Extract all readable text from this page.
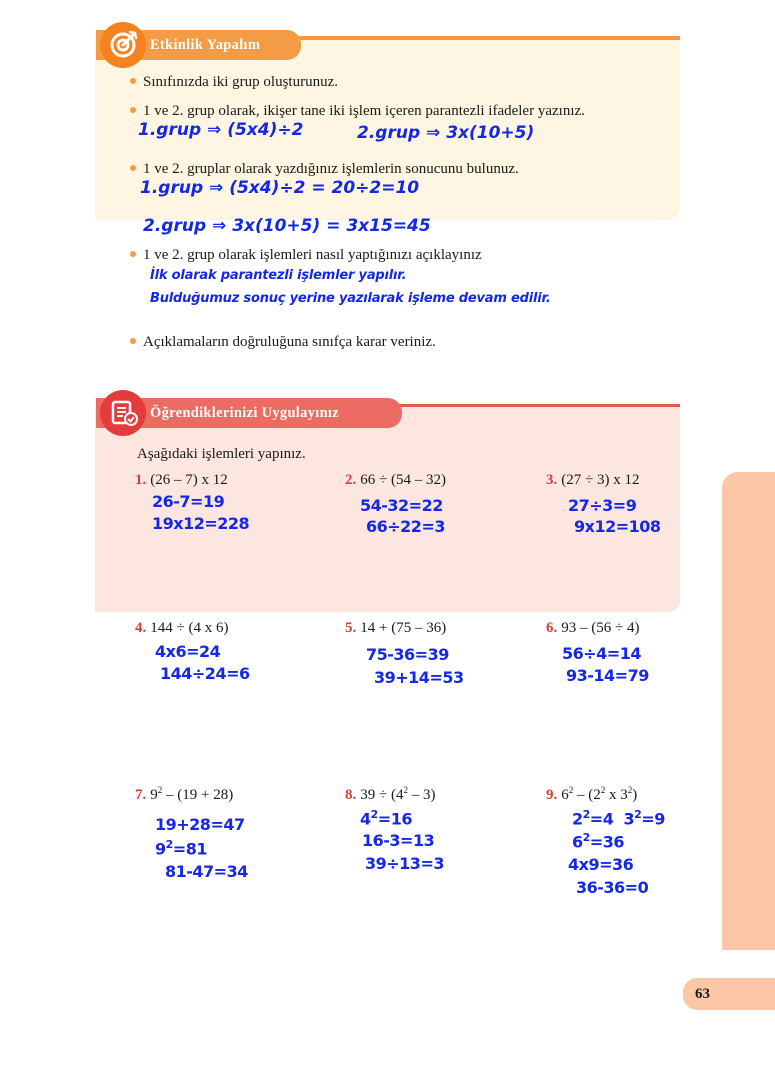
Etkinlik Yapalım
Sınıfınızda iki grup oluşturunuz.
1 ve 2. grup olarak, ikişer tane iki işlem içeren parantezli ifadeler yazınız.
1.grup ⇒ (5x4)÷2	2.grup ⇒ 3x(10+5)
1 ve 2. gruplar olarak yazdığınız işlemlerin sonucunu bulunuz.
1.grup ⇒ (5x4)÷2 = 20÷2=10
2.grup ⇒ 3x(10+5) = 3x15=45
1 ve 2. grup olarak işlemleri nasıl yaptığınızı açıklayınız
İlk olarak parantezli işlemler yapılır.
Bulduğumuz sonuç yerine yazılarak işleme devam edilir.
Açıklamaların doğruluğuna sınıfça karar veriniz.
Öğrendiklerinizi Uygulayınız
Aşağıdaki işlemleri yapınız.
1. (26 – 7) x 12
26-7=19
19x12=228
2. 66 ÷ (54 – 32)
54-32=22
66÷22=3
3. (27 ÷ 3) x 12
27÷3=9
9x12=108
4. 144 ÷ (4 x 6)
4x6=24
144÷24=6
5. 14 + (75 – 36)
75-36=39
39+14=53
6. 93 – (56 ÷ 4)
56÷4=14
93-14=79
7. $9^2 - (19 + 28)$
19+28=47
$9^2=81$
81-47=34
8. $39 \div (4^2 - 3)$
$4^2=16$
16-3=13
39÷13=3
9. $6^2 - (2^2$ x $3^2$)
$2^2=4$ $3^2=9$
$6^2=36$
4x9=36
36-36=0
63
